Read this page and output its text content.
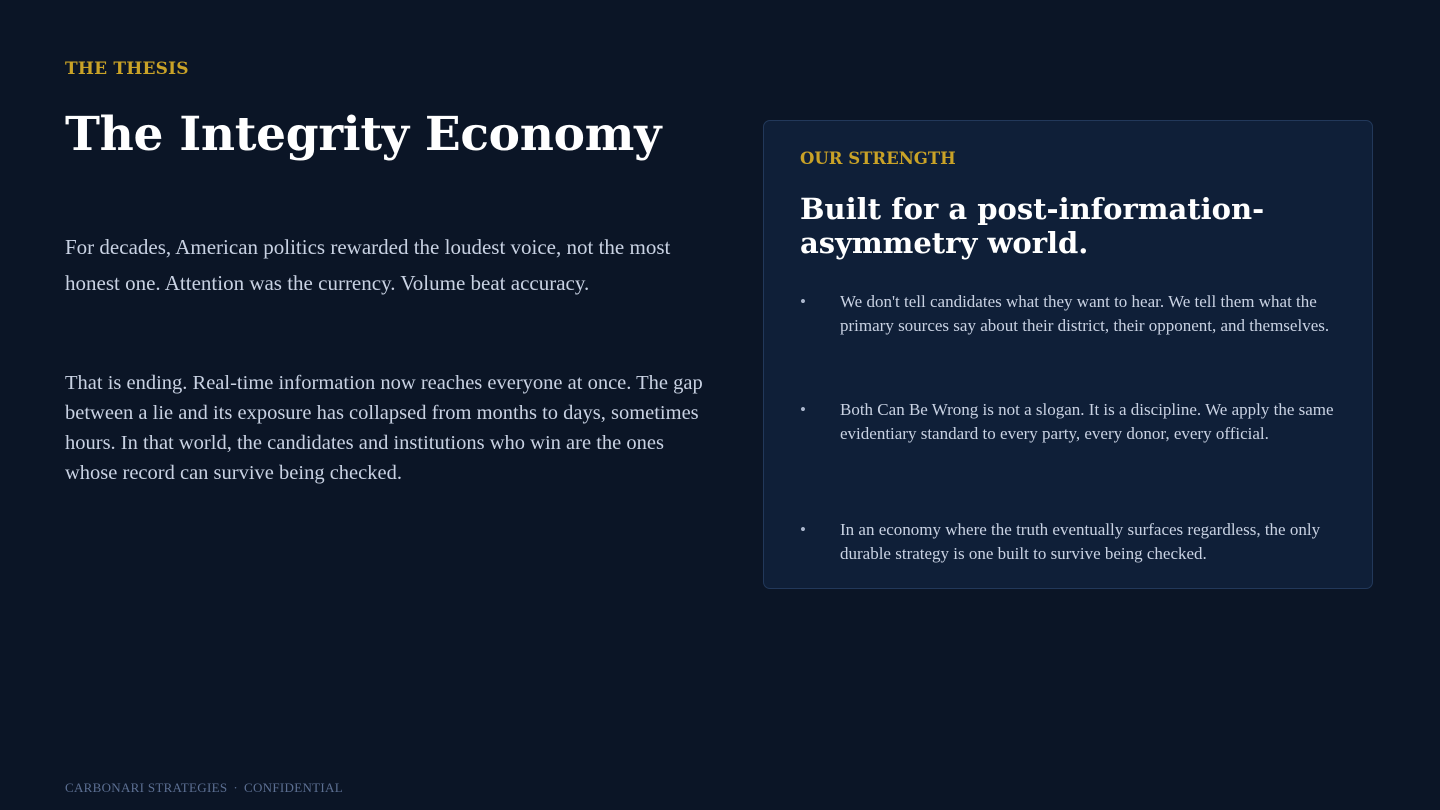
THE THESIS
The Integrity Economy

For decades, American politics rewarded the loudest voice, not the most honest one. Attention was the currency. Volume beat accuracy.

That is ending. Real-time information now reaches everyone at once. The gap between a lie and its exposure has collapsed from months to days, sometimes hours. In that world, the candidates and institutions who win are the ones whose record can survive being checked.

OUR STRENGTH
Built for a post-information-asymmetry world.
•	We don't tell candidates what they want to hear. We tell them what the primary sources say about their district, their opponent, and themselves.
•	Both Can Be Wrong is not a slogan. It is a discipline. We apply the same evidentiary standard to every party, every donor, every official.
•	In an economy where the truth eventually surfaces regardless, the only durable strategy is one built to survive being checked.
CARBONARI STRATEGIES · CONFIDENTIAL
